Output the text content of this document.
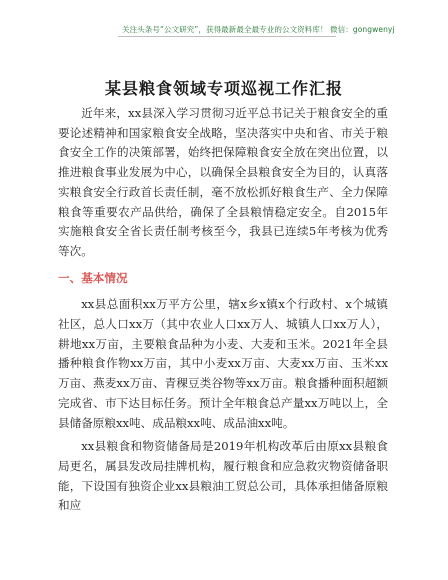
关注头条号“公文研究”，获得最新最全最专业的公文资料库！ 微信：gongwenyj
某县粮食领域专项巡视工作汇报

近年来，xx县深入学习贯彻习近平总书记关于粮食安全的重要论述精神和国家粮食安全战略，坚决落实中央和省、市关于粮食安全工作的决策部署，始终把保障粮食安全放在突出位置，以推进粮食事业发展为中心，以确保全县粮食安全为目的，认真落实粮食安全行政首长责任制，毫不放松抓好粮食生产、全力保障粮食等重要农产品供给，确保了全县粮情稳定安全。自2015年实施粮食安全省长责任制考核至今，我县已连续5年考核为优秀等次。

一、基本情况

xx县总面积xx万平方公里，辖x乡x镇x个行政村、x个城镇社区，总人口xx万（其中农业人口xx万人、城镇人口xx万人），耕地xx万亩，主要粮食品种为小麦、大麦和玉米。2021年全县播种粮食作物xx万亩，其中小麦xx万亩、大麦xx万亩、玉米xx万亩、燕麦xx万亩、青稞豆类谷物等xx万亩。粮食播种面积超额完成省、市下达目标任务。预计全年粮食总产量xx万吨以上，全县储备原粮xx吨、成品粮xx吨、成品油xx吨。

xx县粮食和物资储备局是2019年机构改革后由原xx县粮食局更名，属县发改局挂牌机构，履行粮食和应急救灾物资储备职能，下设国有独资企业xx县粮油工贸总公司，具体承担储备原粮和应
